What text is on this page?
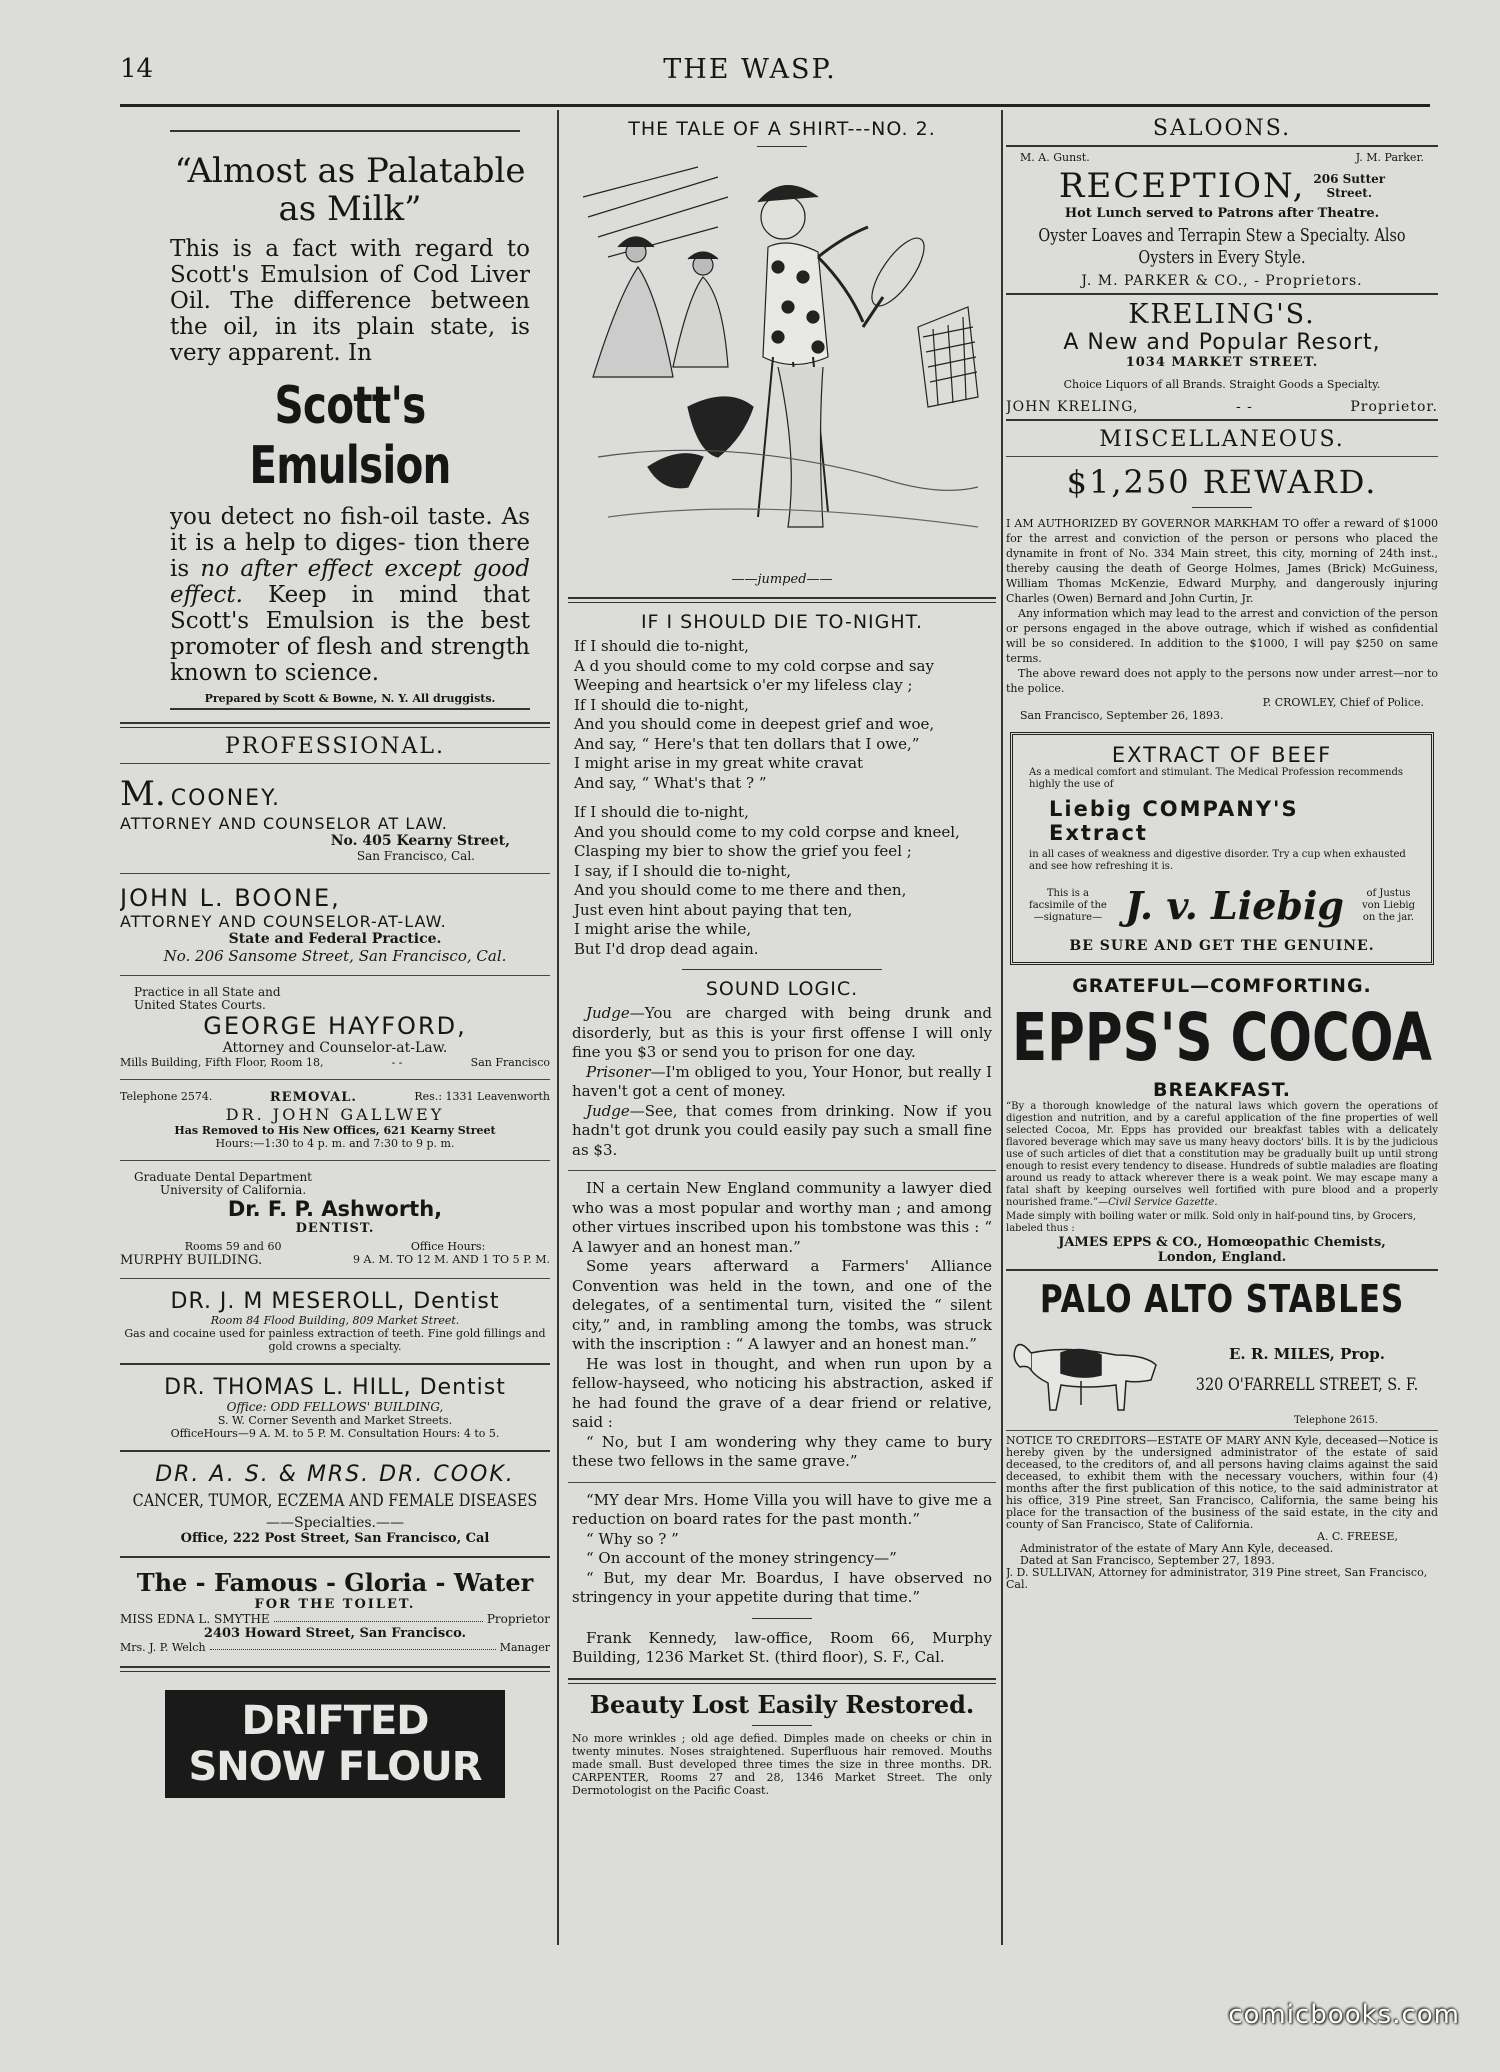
14	THE WASP.
“Almost as Palatable as Milk”
This is a fact with regard to Scott's Emulsion of Cod Liver Oil. The difference between the oil, in its plain state, is very apparent. In
Scott's Emulsion
you detect no fish-oil taste. As it is a help to diges- tion there is no after effect except good effect. Keep in mind that Scott's Emulsion is the best promoter of flesh and strength known to science.
Prepared by Scott & Bowne, N. Y. All druggists.
PROFESSIONAL.
M. COONEY.
ATTORNEY AND COUNSELOR AT LAW.
No. 405 Kearny Street,
San Francisco, Cal.
JOHN L. BOONE,
ATTORNEY AND COUNSELOR-AT-LAW.
State and Federal Practice.
No. 206 Sansome Street, San Francisco, Cal.
Practice in all State and
United States Courts.
GEORGE HAYFORD,
Attorney and Counselor-at-Law.
Mills Building, Fifth Floor, Room 18,	- -	San Francisco
Telephone 2574.	REMOVAL.	Res.: 1331 Leavenworth
DR. JOHN GALLWEY
Has Removed to His New Offices, 621 Kearny Street
Hours:—1:30 to 4 p. m. and 7:30 to 9 p. m.
Graduate Dental Department
University of California.
Dr. F. P. Ashworth,
DENTIST.
Rooms 59 and 60	Office Hours:
MURPHY BUILDING.	9 A. M. TO 12 M. AND 1 TO 5 P. M.
DR. J. M MESEROLL, Dentist
Room 84 Flood Building, 809 Market Street.
Gas and cocaine used for painless extraction of teeth. Fine gold fillings and gold crowns a specialty.
DR. THOMAS L. HILL, Dentist
Office: ODD FELLOWS' BUILDING,
S. W. Corner Seventh and Market Streets.
OfficeHours—9 A. M. to 5 P. M. Consultation Hours: 4 to 5.
DR. A. S. & MRS. DR. COOK.
CANCER, TUMOR, ECZEMA AND FEMALE DISEASES
——Specialties.——
Office, 222 Post Street, San Francisco, Cal
The - Famous - Gloria - Water
FOR THE TOILET.
MISS EDNA L. SMYTHE	Proprietor
2403 Howard Street, San Francisco.
Mrs. J. P. Welch	Manager
DRIFTED SNOW FLOUR
THE TALE OF A SHIRT---NO. 2.
——jumped——
IF I SHOULD DIE TO-NIGHT.
If I should die to-night,
A d you should come to my cold corpse and say
Weeping and heartsick o'er my lifeless clay ;
If I should die to-night,
And you should come in deepest grief and woe,
And say, “ Here's that ten dollars that I owe,”
I might arise in my great white cravat
And say, “ What's that ? ”
If I should die to-night,
And you should come to my cold corpse and kneel,
Clasping my bier to show the grief you feel ;
I say, if I should die to-night,
And you should come to me there and then,
Just even hint about paying that ten,
I might arise the while,
But I'd drop dead again.
SOUND LOGIC.

Judge—You are charged with being drunk and disorderly, but as this is your first offense I will only fine you $3 or send you to prison for one day.

Prisoner—I'm obliged to you, Your Honor, but really I haven't got a cent of money.

Judge—See, that comes from drinking. Now if you hadn't got drunk you could easily pay such a small fine as $3.

IN a certain New England community a lawyer died who was a most popular and worthy man ; and among other virtues inscribed upon his tombstone was this : “ A lawyer and an honest man.”

Some years afterward a Farmers' Alliance Convention was held in the town, and one of the delegates, of a sentimental turn, visited the “ silent city,” and, in rambling among the tombs, was struck with the inscription : “ A lawyer and an honest man.”

He was lost in thought, and when run upon by a fellow-hayseed, who noticing his abstraction, asked if he had found the grave of a dear friend or relative, said :

“ No, but I am wondering why they came to bury these two fellows in the same grave.”

“MY dear Mrs. Home Villa you will have to give me a reduction on board rates for the past month.”

“ Why so ? ”

“ On account of the money stringency—”

“ But, my dear Mr. Boardus, I have observed no stringency in your appetite during that time.”

Frank Kennedy, law-office, Room 66, Murphy Building, 1236 Market St. (third floor), S. F., Cal.

Beauty Lost Easily Restored.
No more wrinkles ; old age defied. Dimples made on cheeks or chin in twenty minutes. Noses straightened. Superfluous hair removed. Mouths made small. Bust developed three times the size in three months. DR. CARPENTER, Rooms 27 and 28, 1346 Market Street. The only Dermotologist on the Pacific Coast.
SALOONS.
M. A. Gunst.	J. M. Parker.
RECEPTION, 206 Sutter
Street.
Hot Lunch served to Patrons after Theatre.
Oyster Loaves and Terrapin Stew a Specialty. Also Oysters in Every Style.
J. M. PARKER & CO., - Proprietors.
KRELING'S.
A New and Popular Resort,
1034 MARKET STREET.
Choice Liquors of all Brands. Straight Goods a Specialty.
JOHN KRELING,	- -	Proprietor.
MISCELLANEOUS.
$1,250 REWARD.
I AM AUTHORIZED BY GOVERNOR MARKHAM TO offer a reward of $1000 for the arrest and conviction of the person or persons who placed the dynamite in front of No. 334 Main street, this city, morning of 24th inst., thereby causing the death of George Holmes, James (Brick) McGuiness, William Thomas McKenzie, Edward Murphy, and dangerously injuring Charles (Owen) Bernard and John Curtin, Jr.
Any information which may lead to the arrest and conviction of the person or persons engaged in the above outrage, which if wished as confidential will be so considered. In addition to the $1000, I will pay $250 on same terms.
The above reward does not apply to the persons now under arrest—nor to the police.
P. CROWLEY, Chief of Police.
San Francisco, September 26, 1893.
EXTRACT OF BEEF
As a medical comfort and stimulant. The Medical Profession recommends highly the use of
Liebig COMPANY'S
Extract
in all cases of weakness and digestive disorder. Try a cup when exhausted and see how refreshing it is.
This is a
facsimile of the
—signature— J. v. Liebig	of Justus
von Liebig
on the jar.
BE SURE AND GET THE GENUINE.
GRATEFUL—COMFORTING.
EPPS'S COCOA
BREAKFAST.
“By a thorough knowledge of the natural laws which govern the operations of digestion and nutrition, and by a careful application of the fine properties of well selected Cocoa, Mr. Epps has provided our breakfast tables with a delicately flavored beverage which may save us many heavy doctors' bills. It is by the judicious use of such articles of diet that a constitution may be gradually built up until strong enough to resist every tendency to disease. Hundreds of subtle maladies are floating around us ready to attack wherever there is a weak point. We may escape many a fatal shaft by keeping ourselves well fortified with pure blood and a properly nourished frame.”—Civil Service Gazette.
Made simply with boiling water or milk. Sold only in half-pound tins, by Grocers, labeled thus :
JAMES EPPS & CO., Homœopathic Chemists,
London, England.
PALO ALTO STABLES
E. R. MILES, Prop.
320 O'FARRELL STREET, S. F.
Telephone 2615.
NOTICE TO CREDITORS—ESTATE OF MARY ANN Kyle, deceased—Notice is hereby given by the undersigned administrator of the estate of said deceased, to the creditors of, and all persons having claims against the said deceased, to exhibit them with the necessary vouchers, within four (4) months after the first publication of this notice, to the said administrator at his office, 319 Pine street, San Francisco, California, the same being his place for the transaction of the business of the said estate, in the city and county of San Francisco, State of California.
A. C. FREESE,
Administrator of the estate of Mary Ann Kyle, deceased.
Dated at San Francisco, September 27, 1893.
J. D. SULLIVAN, Attorney for administrator, 319 Pine street, San Francisco, Cal.
comicbooks.com
